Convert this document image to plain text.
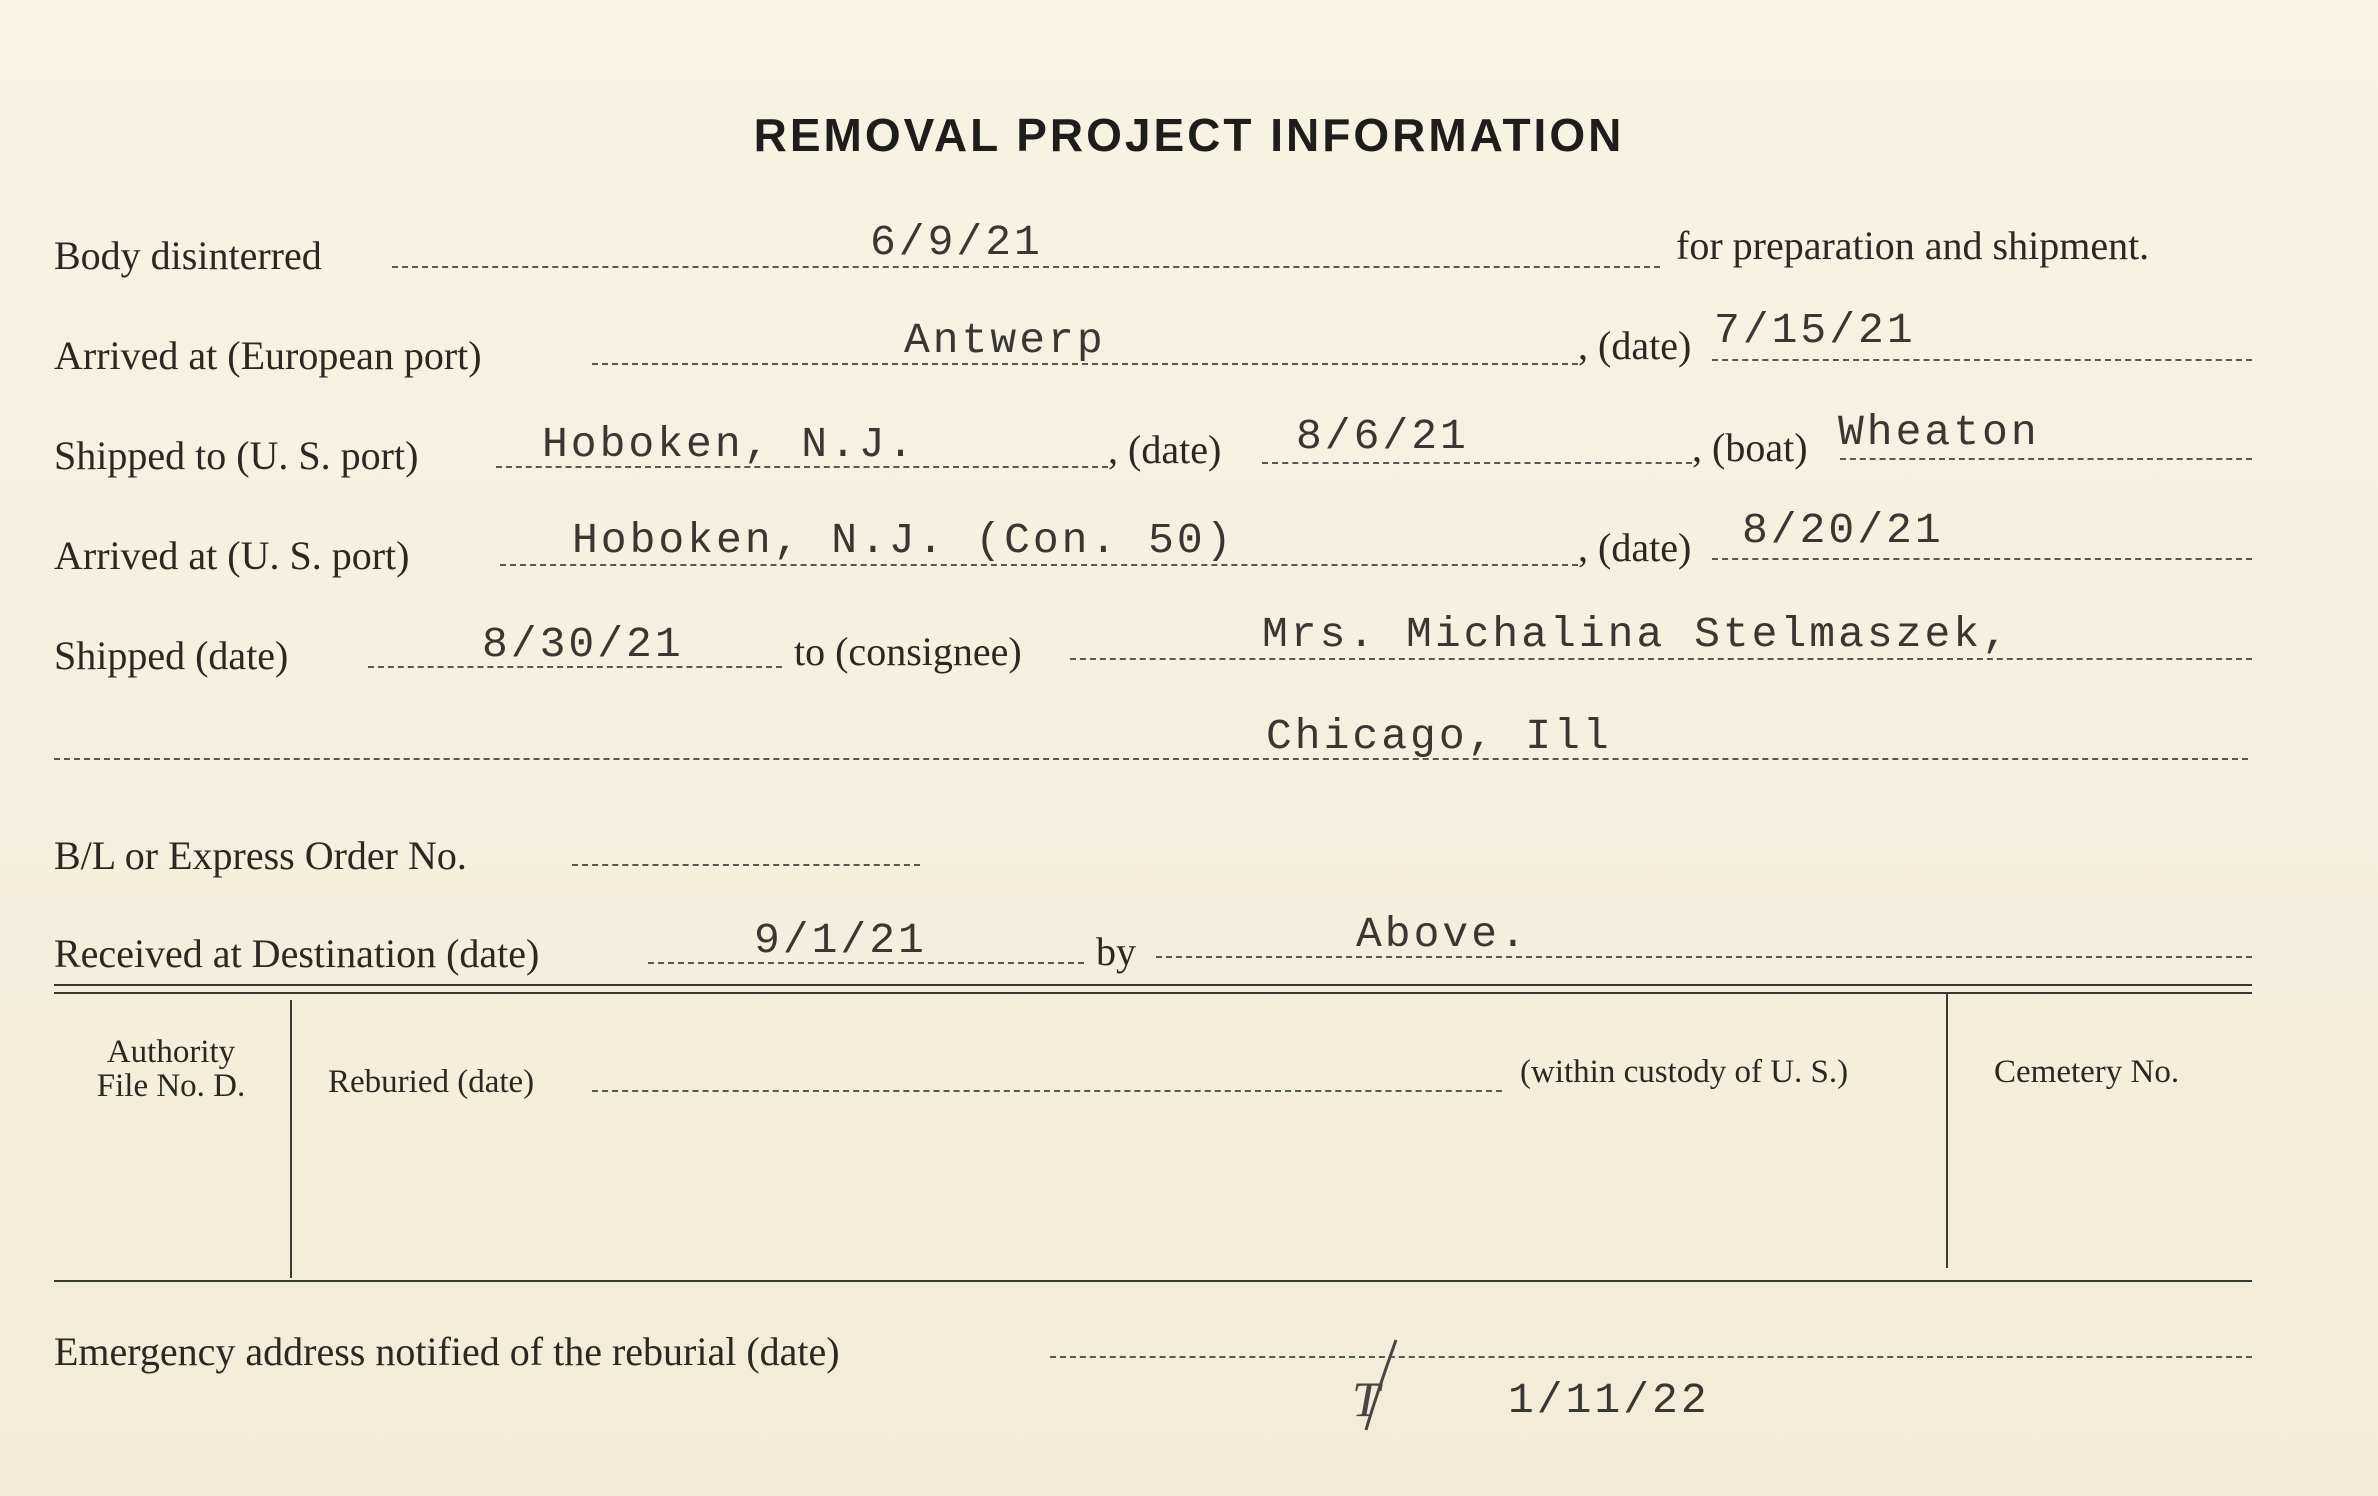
REMOVAL PROJECT INFORMATION
Body disinterred	6/9/21	for preparation and shipment.
Arrived at (European port)	Antwerp	, (date) 7/15/21
Shipped to (U. S. port)	Hoboken, N.J.	, (date) 8/6/21	, (boat) Wheaton
Arrived at (U. S. port)	Hoboken, N.J. (Con. 50)	, (date) 8/20/21
Shipped (date)	8/30/21	to (consignee)	Mrs. Michalina Stelmaszek,
Chicago, Ill
B/L or Express Order No.
Received at Destination (date)	9/1/21	by	Above.
Authority
File No. D.	Reburied (date)	(within custody of U. S.)	Cemetery No.
Emergency address notified of the reburial (date)
T	1/11/22
